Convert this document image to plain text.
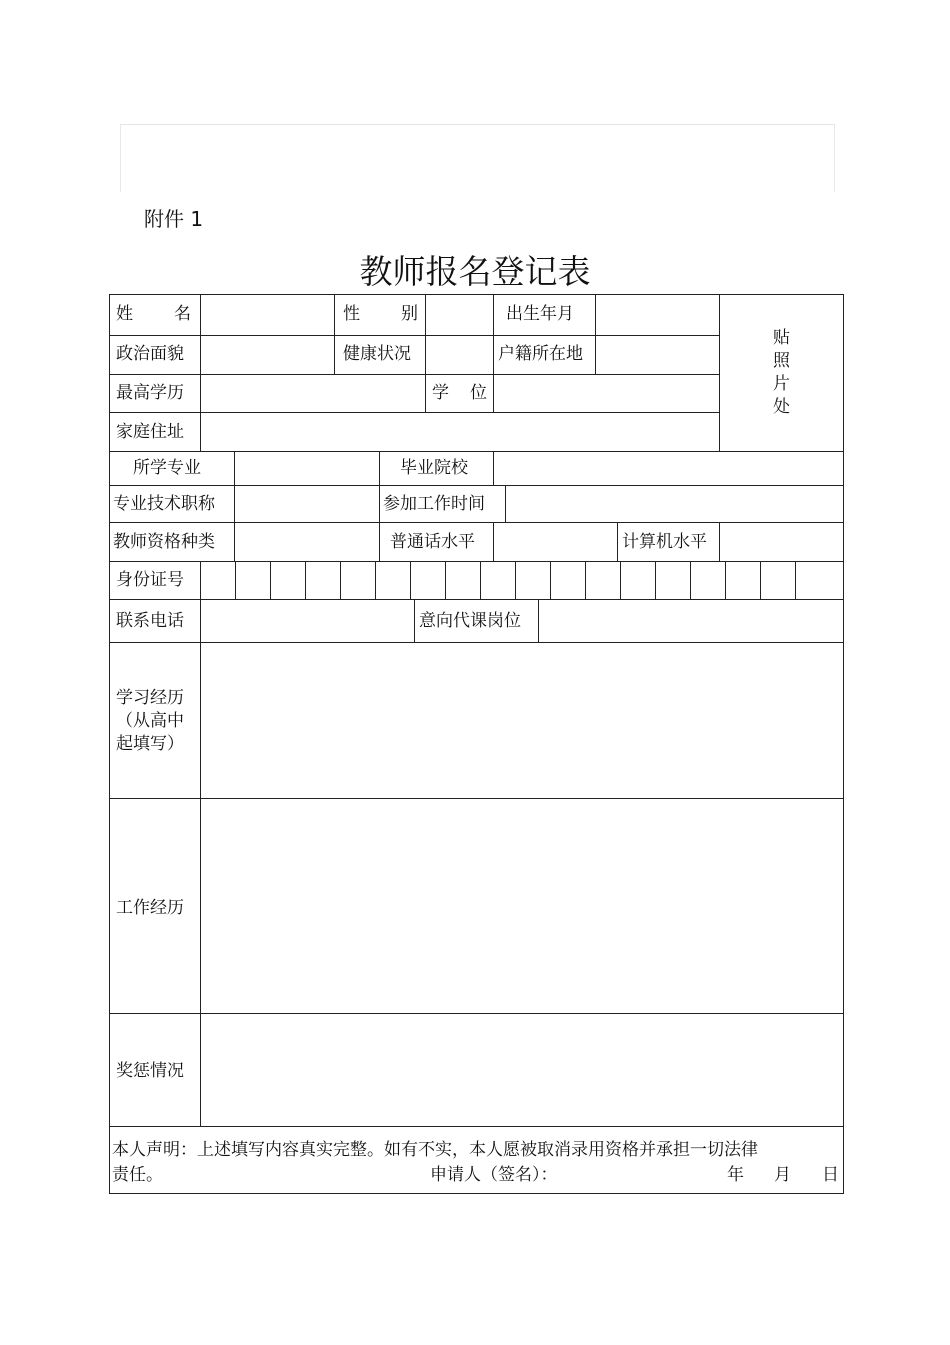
附件 1
教师报名登记表
姓 名	性 别	出生年月
贴
照
片
处
政治面貌	健康状况	户籍所在地
最高学历	学 位
家庭住址
所学专业	毕业院校
专业技术职称	参加工作时间
教师资格种类	普通话水平	计算机水平
身份证号
联系电话	意向代课岗位
学习经历
（从高中
起填写）
工作经历
奖惩情况
本人声明：上述填写内容真实完整。如有不实，本人愿被取消录用资格并承担一切法律
责任。	申请人（签名）：	年 月 日
